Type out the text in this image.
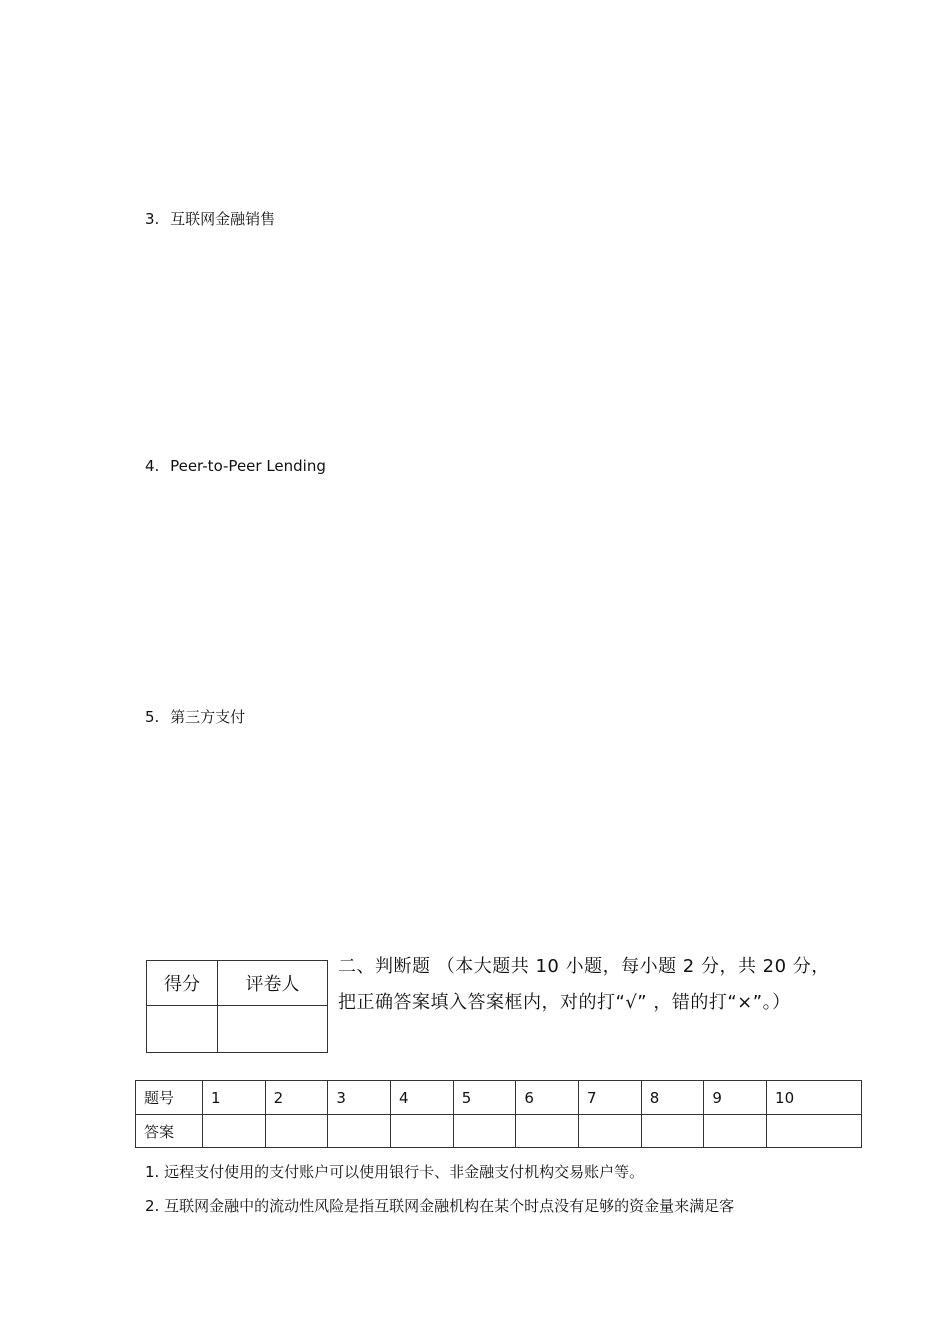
3. 互联网金融销售
4. Peer-to-Peer Lending
5. 第三方支付
得分	评卷人

二、判断题 （本大题共 10 小题，每小题 2 分，共 20 分，
把正确答案填入答案框内，对的打“√” ，错的打“×”。）
题号	1	2	3	4	5	6	7	8	9	10
答案										
1. 远程支付使用的支付账户可以使用银行卡、非金融支付机构交易账户等。
2. 互联网金融中的流动性风险是指互联网金融机构在某个时点没有足够的资金量来满足客
